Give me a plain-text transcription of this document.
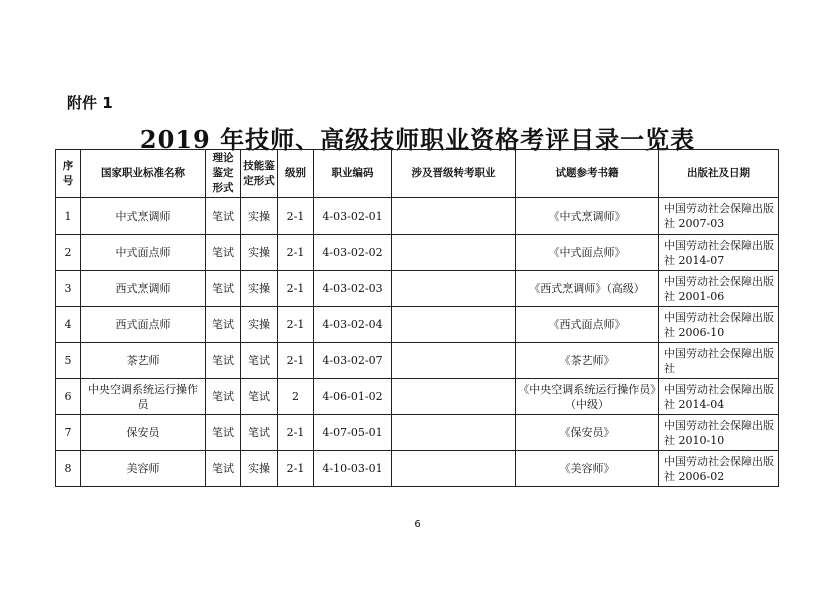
附件 1
2019 年技师、高级技师职业资格考评目录一览表
序号	国家职业标准名称	理论鉴定形式	技能鉴定形式	级别	职业编码	涉及晋级转考职业	试题参考书籍	出版社及日期
1	中式烹调师	笔试	实操	2-1	4-03-02-01		《中式烹调师》	中国劳动社会保障出版社 2007-03
2	中式面点师	笔试	实操	2-1	4-03-02-02		《中式面点师》	中国劳动社会保障出版社 2014-07
3	西式烹调师	笔试	实操	2-1	4-03-02-03		《西式烹调师》（高级）	中国劳动社会保障出版社 2001-06
4	西式面点师	笔试	实操	2-1	4-03-02-04		《西式面点师》	中国劳动社会保障出版社 2006-10
5	茶艺师	笔试	笔试	2-1	4-03-02-07		《茶艺师》	中国劳动社会保障出版社
6	中央空调系统运行操作员	笔试	笔试	2	4-06-01-02		《中央空调系统运行操作员》（中级）	中国劳动社会保障出版社 2014-04
7	保安员	笔试	笔试	2-1	4-07-05-01		《保安员》	中国劳动社会保障出版社 2010-10
8	美容师	笔试	实操	2-1	4-10-03-01		《美容师》	中国劳动社会保障出版社 2006-02
6
